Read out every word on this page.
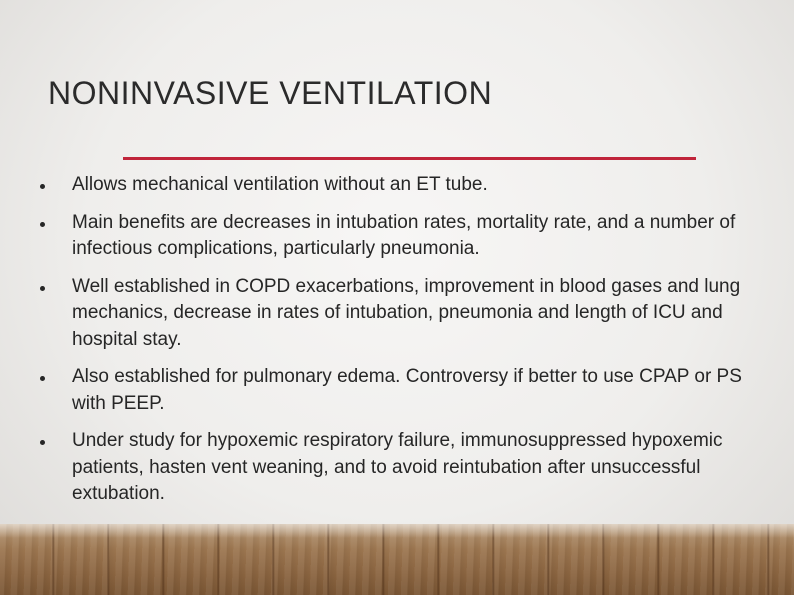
NONINVASIVE VENTILATION
Allows mechanical ventilation without an ET tube.
Main benefits are decreases in intubation rates, mortality rate, and a number of infectious complications, particularly pneumonia.
Well established in COPD exacerbations, improvement in blood gases and lung mechanics, decrease in rates of intubation, pneumonia and length of ICU and hospital stay.
Also established for pulmonary edema. Controversy if better to use CPAP or PS with PEEP.
Under study for hypoxemic respiratory failure, immunosuppressed hypoxemic patients, hasten vent weaning, and to avoid reintubation after unsuccessful extubation.
